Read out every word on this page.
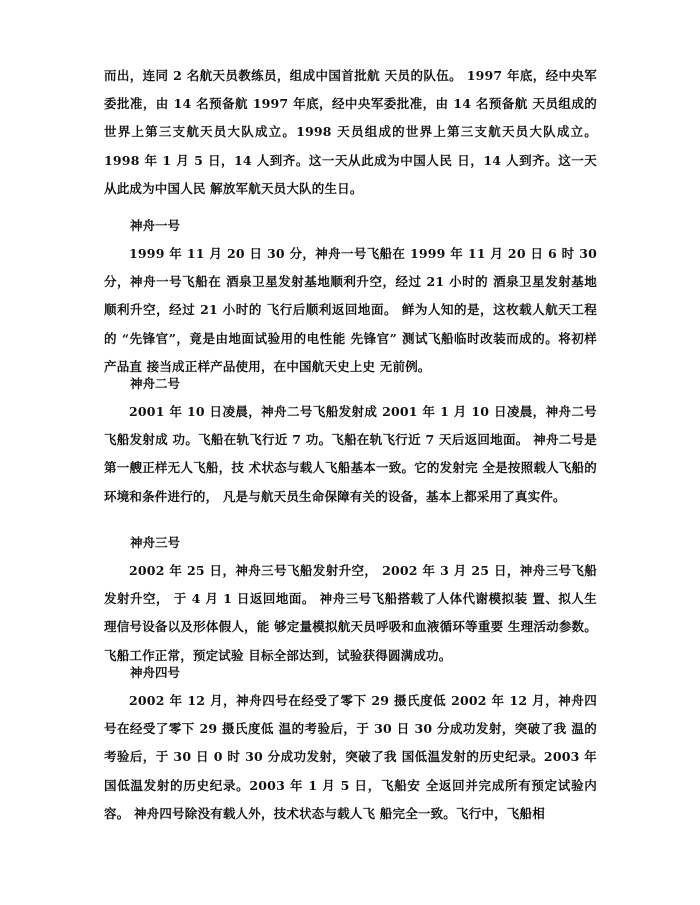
而出，连同 2 名航天员教练员，组成中国首批航 天员的队伍。 1997 年底，经中央军委批准，由 14 名预备航 1997 年底，经中央军委批准，由 14 名预备航 天员组成的世界上第三支航天员大队成立。1998 天员组成的世界上第三支航天员大队成立。1998 年 1 月 5 日，14 人到齐。这一天从此成为中国人民 日，14 人到齐。这一天从此成为中国人民 解放军航天员大队的生日。

神舟一号

1999 年 11 月 20 日 30 分，神舟一号飞船在 1999 年 11 月 20 日 6 时 30 分，神舟一号飞船在 酒泉卫星发射基地顺利升空，经过 21 小时的 酒泉卫星发射基地顺利升空，经过 21 小时的 飞行后顺利返回地面。 鲜为人知的是，这枚载人航天工程的 “先锋官”，竟是由地面试验用的电性能 先锋官” 测试飞船临时改装而成的。将初样产品直 接当成正样产品使用，在中国航天史上史 无前例。

神舟二号

2001 年 10 日凌晨，神舟二号飞船发射成 2001 年 1 月 10 日凌晨，神舟二号飞船发射成 功。飞船在轨飞行近 7 功。飞船在轨飞行近 7 天后返回地面。 神舟二号是第一艘正样无人飞船，技 术状态与载人飞船基本一致。它的发射完 全是按照载人飞船的环境和条件进行的， 凡是与航天员生命保障有关的设备，基本上都采用了真实件。

神舟三号

2002 年 25 日，神舟三号飞船发射升空， 2002 年 3 月 25 日，神舟三号飞船发射升空， 于 4 月 1 日返回地面。 神舟三号飞船搭载了人体代谢模拟装 置、拟人生理信号设备以及形体假人，能 够定量模拟航天员呼吸和血液循环等重要 生理活动参数。飞船工作正常，预定试验 目标全部达到，试验获得圆满成功。

神舟四号

2002 年 12 月，神舟四号在经受了零下 29 摄氏度低 2002 年 12 月，神舟四号在经受了零下 29 摄氏度低 温的考验后，于 30 日 30 分成功发射，突破了我 温的考验后，于 30 日 0 时 30 分成功发射，突破了我 国低温发射的历史纪录。2003 年 国低温发射的历史纪录。2003 年 1 月 5 日，飞船安 全返回并完成所有预定试验内容。 神舟四号除没有载人外，技术状态与载人飞 船完全一致。飞行中，飞船相
